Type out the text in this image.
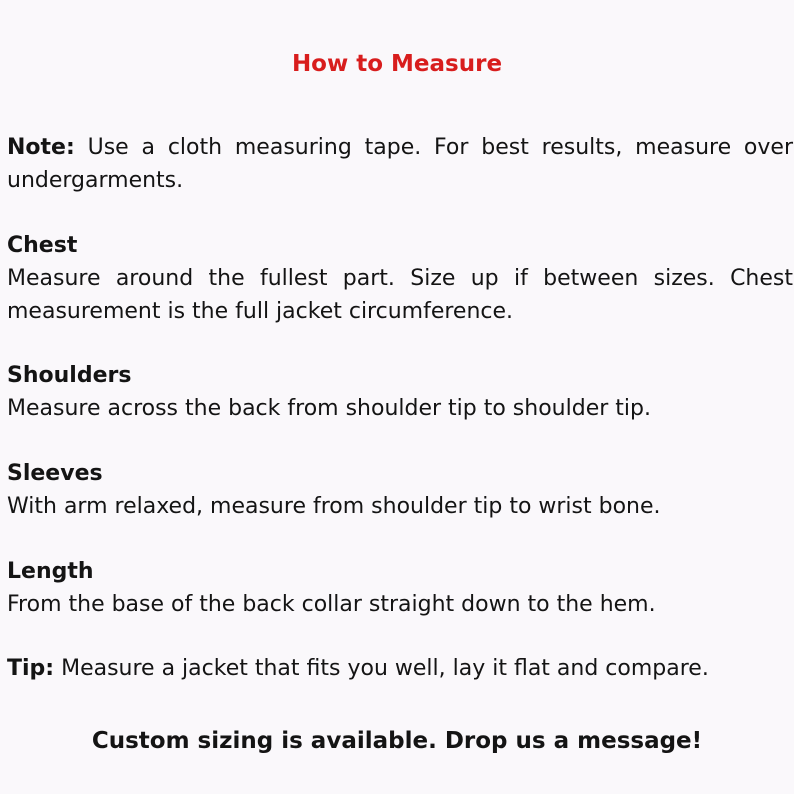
How to Measure
Note: Use a cloth measuring tape. For best results, measure over undergarments.
Chest
Measure around the fullest part. Size up if between sizes. Chest measurement is the full jacket circumference.
Shoulders
Measure across the back from shoulder tip to shoulder tip.
Sleeves
With arm relaxed, measure from shoulder tip to wrist bone.
Length
From the base of the back collar straight down to the hem.
Tip: Measure a jacket that fits you well, lay it flat and compare.
Custom sizing is available. Drop us a message!
